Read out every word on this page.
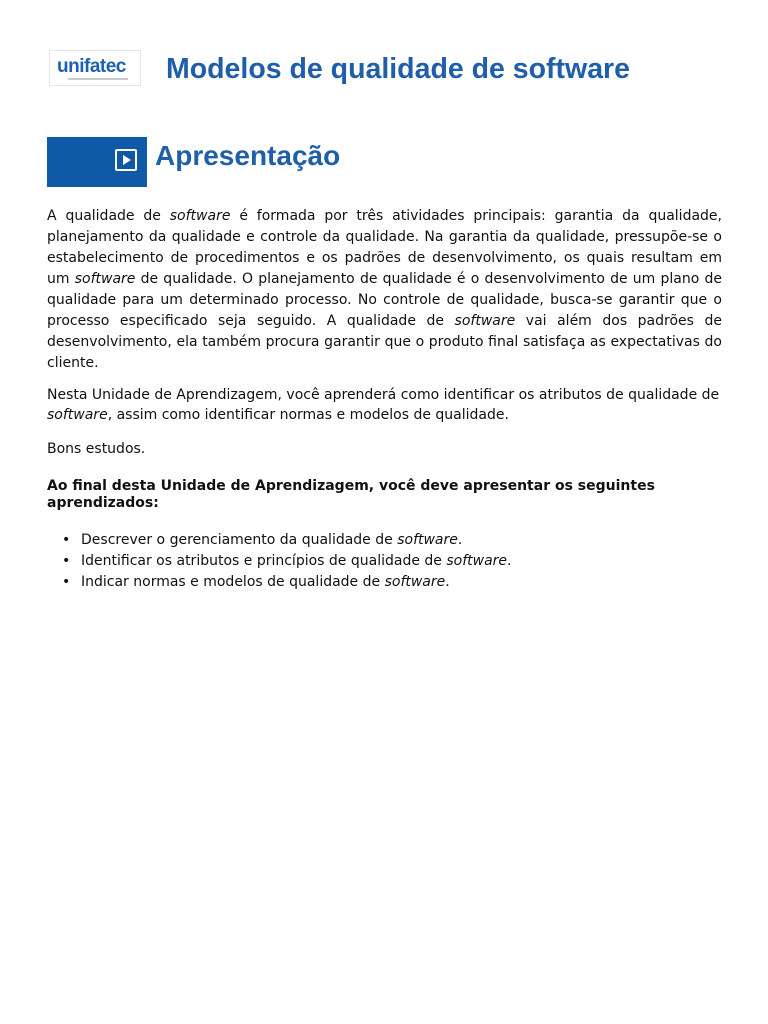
unifatec Modelos de qualidade de software
Apresentação

A qualidade de software é formada por três atividades principais: garantia da qualidade, planejamento da qualidade e controle da qualidade. Na garantia da qualidade, pressupõe-se o estabelecimento de procedimentos e os padrões de desenvolvimento, os quais resultam em um software de qualidade. O planejamento de qualidade é o desenvolvimento de um plano de qualidade para um determinado processo. No controle de qualidade, busca-se garantir que o processo especificado seja seguido. A qualidade de software vai além dos padrões de desenvolvimento, ela também procura garantir que o produto final satisfaça as expectativas do cliente.

Nesta Unidade de Aprendizagem, você aprenderá como identificar os atributos de qualidade de

software, assim como identificar normas e modelos de qualidade.

Bons estudos.

Ao final desta Unidade de Aprendizagem, você deve apresentar os seguintes aprendizados:

• Descrever o gerenciamento da qualidade de software.
• Identificar os atributos e princípios de qualidade de software.
• Indicar normas e modelos de qualidade de software.
